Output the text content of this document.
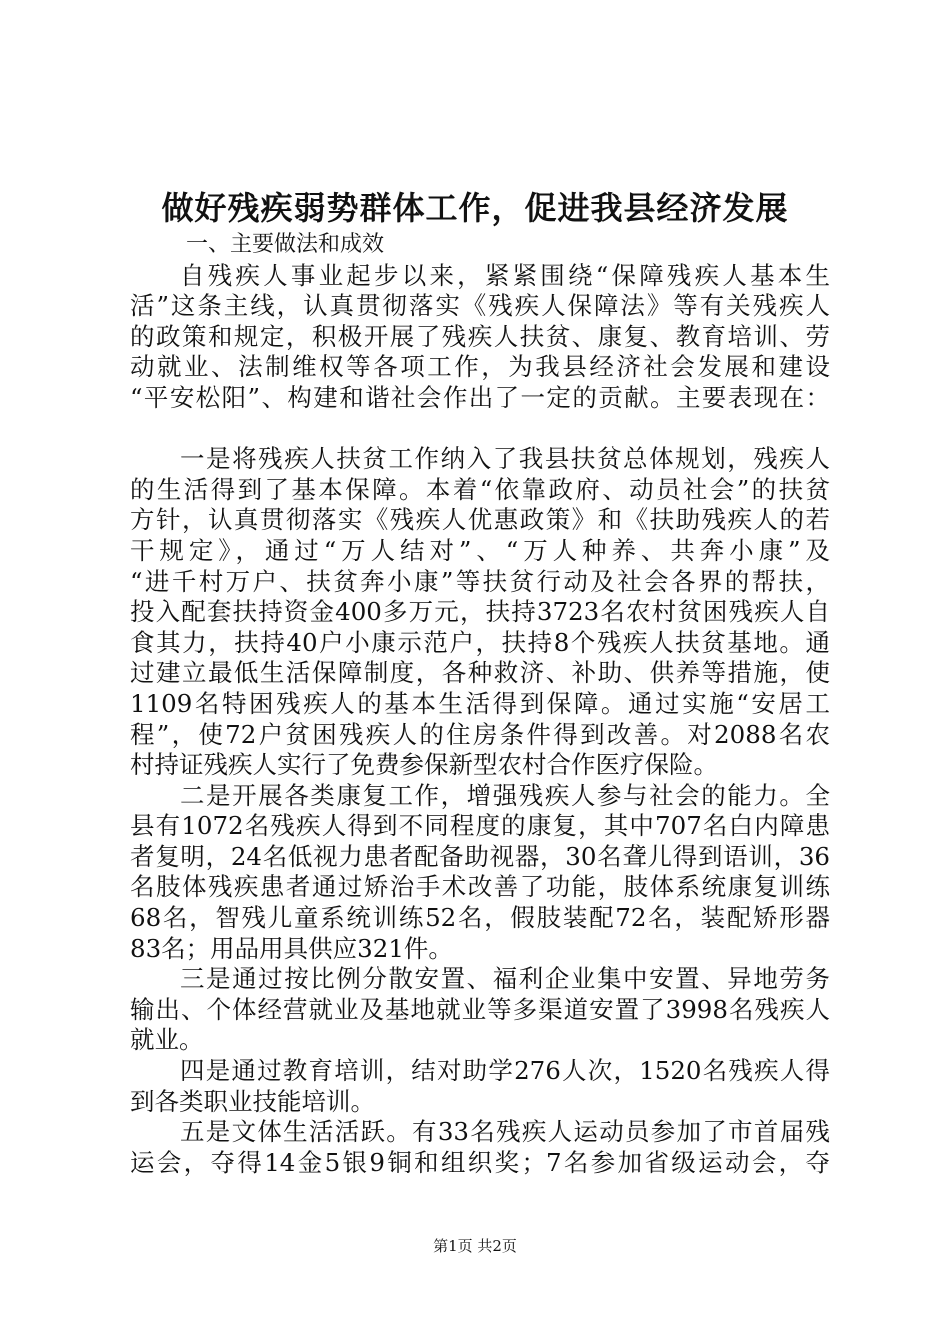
做好残疾弱势群体工作，促进我县经济发展
一、主要做法和成效
自残疾人事业起步以来，紧紧围绕“保障残疾人基本生
活”这条主线，认真贯彻落实《残疾人保障法》等有关残疾人
的政策和规定，积极开展了残疾人扶贫、康复、教育培训、劳
动就业、法制维权等各项工作，为我县经济社会发展和建设
“平安松阳”、构建和谐社会作出了一定的贡献。主要表现在：
一是将残疾人扶贫工作纳入了我县扶贫总体规划，残疾人
的生活得到了基本保障。本着“依靠政府、动员社会”的扶贫
方针，认真贯彻落实《残疾人优惠政策》和《扶助残疾人的若
干规定》，通过“万人结对”、“万人种养、共奔小康”及
“进千村万户、扶贫奔小康”等扶贫行动及社会各界的帮扶，
投入配套扶持资金400多万元，扶持3723名农村贫困残疾人自
食其力，扶持40户小康示范户，扶持8个残疾人扶贫基地。通
过建立最低生活保障制度，各种救济、补助、供养等措施，使
1109名特困残疾人的基本生活得到保障。通过实施“安居工
程”，使72户贫困残疾人的住房条件得到改善。对2088名农
村持证残疾人实行了免费参保新型农村合作医疗保险。
二是开展各类康复工作，增强残疾人参与社会的能力。全
县有1072名残疾人得到不同程度的康复，其中707名白内障患
者复明，24名低视力患者配备助视器，30名聋儿得到语训，36
名肢体残疾患者通过矫治手术改善了功能，肢体系统康复训练
68名，智残儿童系统训练52名，假肢装配72名，装配矫形器
83名；用品用具供应321件。
三是通过按比例分散安置、福利企业集中安置、异地劳务
输出、个体经营就业及基地就业等多渠道安置了3998名残疾人
就业。
四是通过教育培训，结对助学276人次，1520名残疾人得
到各类职业技能培训。
五是文体生活活跃。有33名残疾人运动员参加了市首届残
运会，夺得14金5银9铜和组织奖；7名参加省级运动会，夺
第1页 共2页
